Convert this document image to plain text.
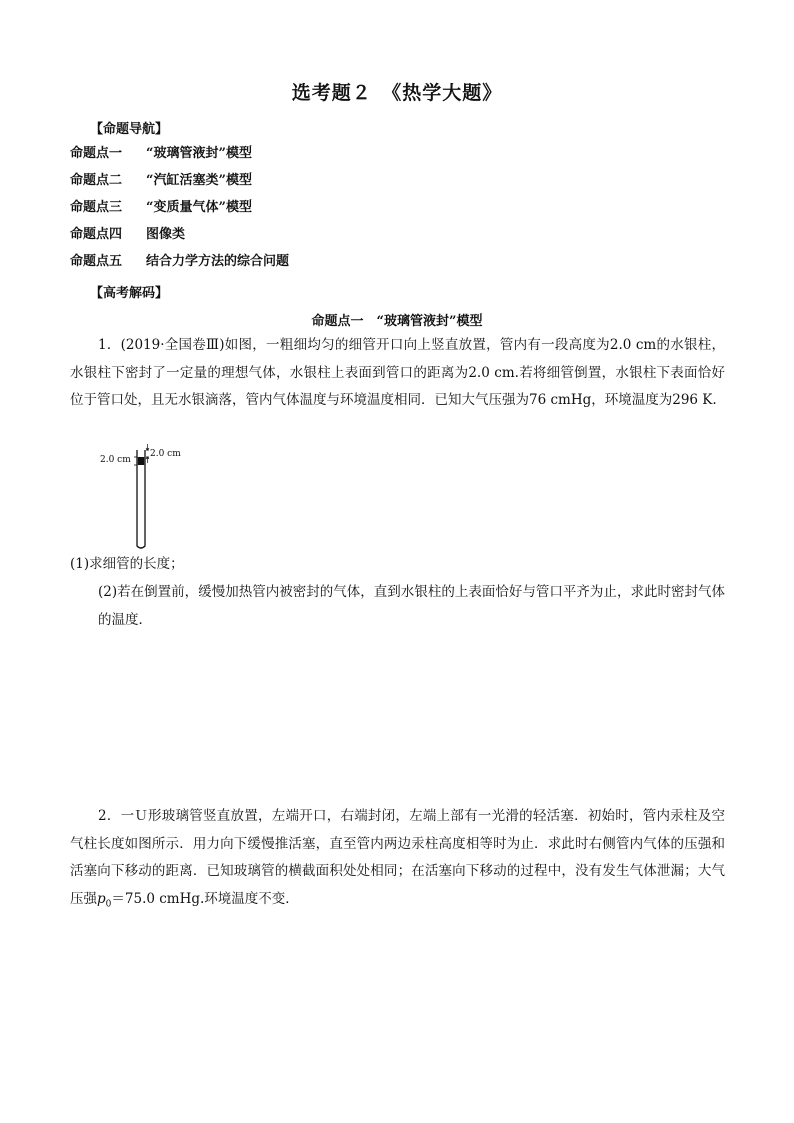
选考题２　《热学大题》
【命题导航】
命题点一 “玻璃管液封”模型
命题点二 “汽缸活塞类”模型
命题点三 “变质量气体”模型
命题点四 图像类
命题点五 结合力学方法的综合问题
【高考解码】
命题点一　“玻璃管液封”模型
1．(2019·全国卷Ⅲ)如图，一粗细均匀的细管开口向上竖直放置，管内有一段高度为2.0 cm的水银柱，水银柱下密封了一定量的理想气体，水银柱上表面到管口的距离为2.0 cm.若将细管倒置，水银柱下表面恰好位于管口处，且无水银滴落，管内气体温度与环境温度相同．已知大气压强为76 cmHg，环境温度为296 K.
2.0 cm
2.0 cm
(1)求细管的长度；
(2)若在倒置前，缓慢加热管内被密封的气体，直到水银柱的上表面恰好与管口平齐为止，求此时密封气体的温度．
2．一Ｕ形玻璃管竖直放置，左端开口，右端封闭，左端上部有一光滑的轻活塞．初始时，管内汞柱及空气柱长度如图所示．用力向下缓慢推活塞，直至管内两边汞柱高度相等时为止．求此时右侧管内气体的压强和活塞向下移动的距离．已知玻璃管的横截面积处处相同；在活塞向下移动的过程中，没有发生气体泄漏；大气压强$p_0=75.0$ cmHg.环境温度不变．
